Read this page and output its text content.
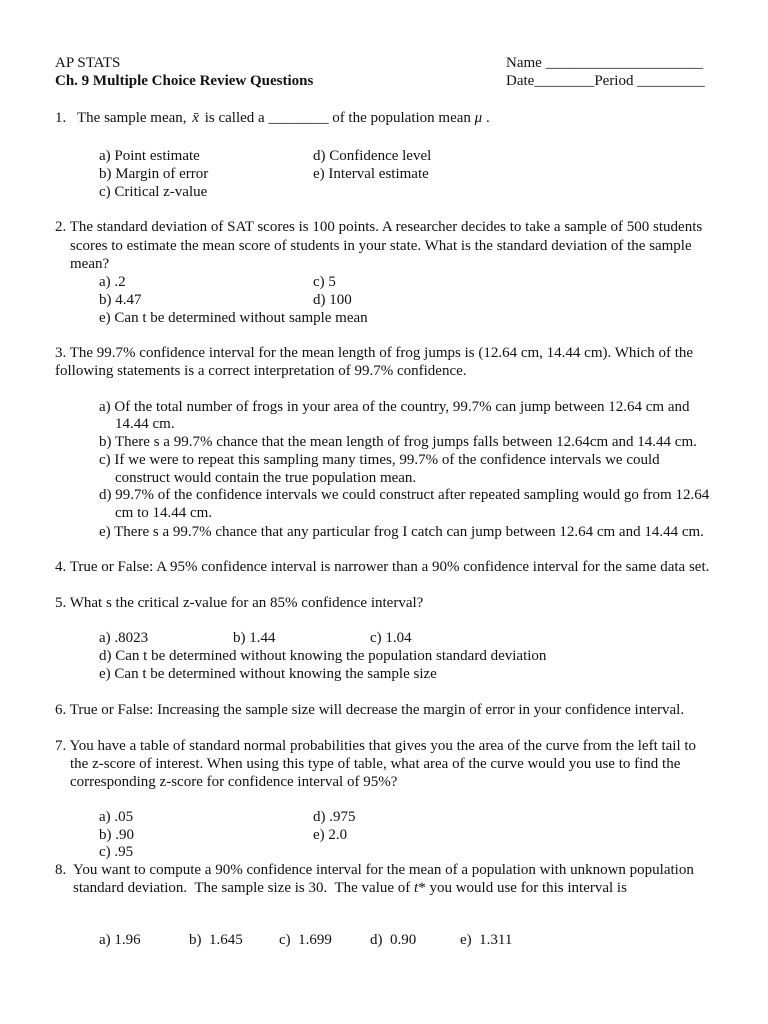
AP STATS
Ch. 9 Multiple Choice Review Questions
Name _____________________
Date________Period _________
1. The sample mean, x̄ is called a ________ of the population mean μ .
a) Point estimate	d) Confidence level
b) Margin of error	e) Interval estimate
c) Critical z-value
2. The standard deviation of SAT scores is 100 points. A researcher decides to take a sample of 500 students
scores to estimate the mean score of students in your state. What is the standard deviation of the sample
mean?
a) .2	c) 5
b) 4.47	d) 100
e) Can t be determined without sample mean
3. The 99.7% confidence interval for the mean length of frog jumps is (12.64 cm, 14.44 cm). Which of the
following statements is a correct interpretation of 99.7% confidence.
a) Of the total number of frogs in your area of the country, 99.7% can jump between 12.64 cm and
14.44 cm.
b) There s a 99.7% chance that the mean length of frog jumps falls between 12.64cm and 14.44 cm.
c) If we were to repeat this sampling many times, 99.7% of the confidence intervals we could
construct would contain the true population mean.
d) 99.7% of the confidence intervals we could construct after repeated sampling would go from 12.64
cm to 14.44 cm.
e) There s a 99.7% chance that any particular frog I catch can jump between 12.64 cm and 14.44 cm.
4. True or False: A 95% confidence interval is narrower than a 90% confidence interval for the same data set.
5. What s the critical z-value for an 85% confidence interval?
a) .8023	b) 1.44	c) 1.04
d) Can t be determined without knowing the population standard deviation
e) Can t be determined without knowing the sample size
6. True or False: Increasing the sample size will decrease the margin of error in your confidence interval.
7. You have a table of standard normal probabilities that gives you the area of the curve from the left tail to
the z-score of interest. When using this type of table, what area of the curve would you use to find the
corresponding z-score for confidence interval of 95%?
a) .05	d) .975
b) .90	e) 2.0
c) .95
8. You want to compute a 90% confidence interval for the mean of a population with unknown population
standard deviation.  The sample size is 30.  The value of t* you would use for this interval is
a) 1.96	b)  1.645 c)  1.699	d)  0.90	e)  1.311
